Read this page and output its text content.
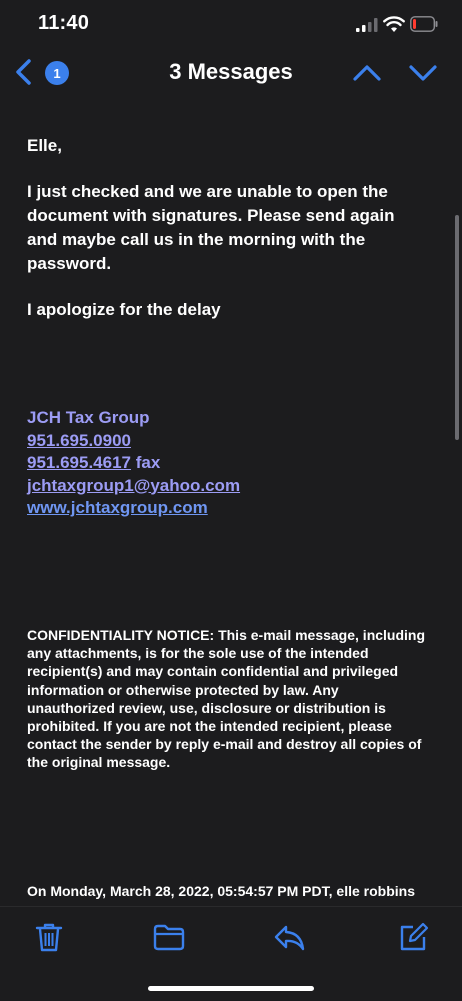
11:40
1	3 Messages
Elle,
I just checked and we are unable to open the document with signatures. Please send again and maybe call us in the morning with the password.
I apologize for the delay
JCH Tax Group
951.695.0900
951.695.4617 fax
jchtaxgroup1@yahoo.com
www.jchtaxgroup.com
CONFIDENTIALITY NOTICE: This e-mail message, including any attachments, is for the sole use of the intended recipient(s) and may contain confidential and privileged information or otherwise protected by law. Any unauthorized review, use, disclosure or distribution is prohibited. If you are not the intended recipient, please contact the sender by reply e-mail and destroy all copies of the original message.
On Monday, March 28, 2022, 05:54:57 PM PDT, elle robbins
